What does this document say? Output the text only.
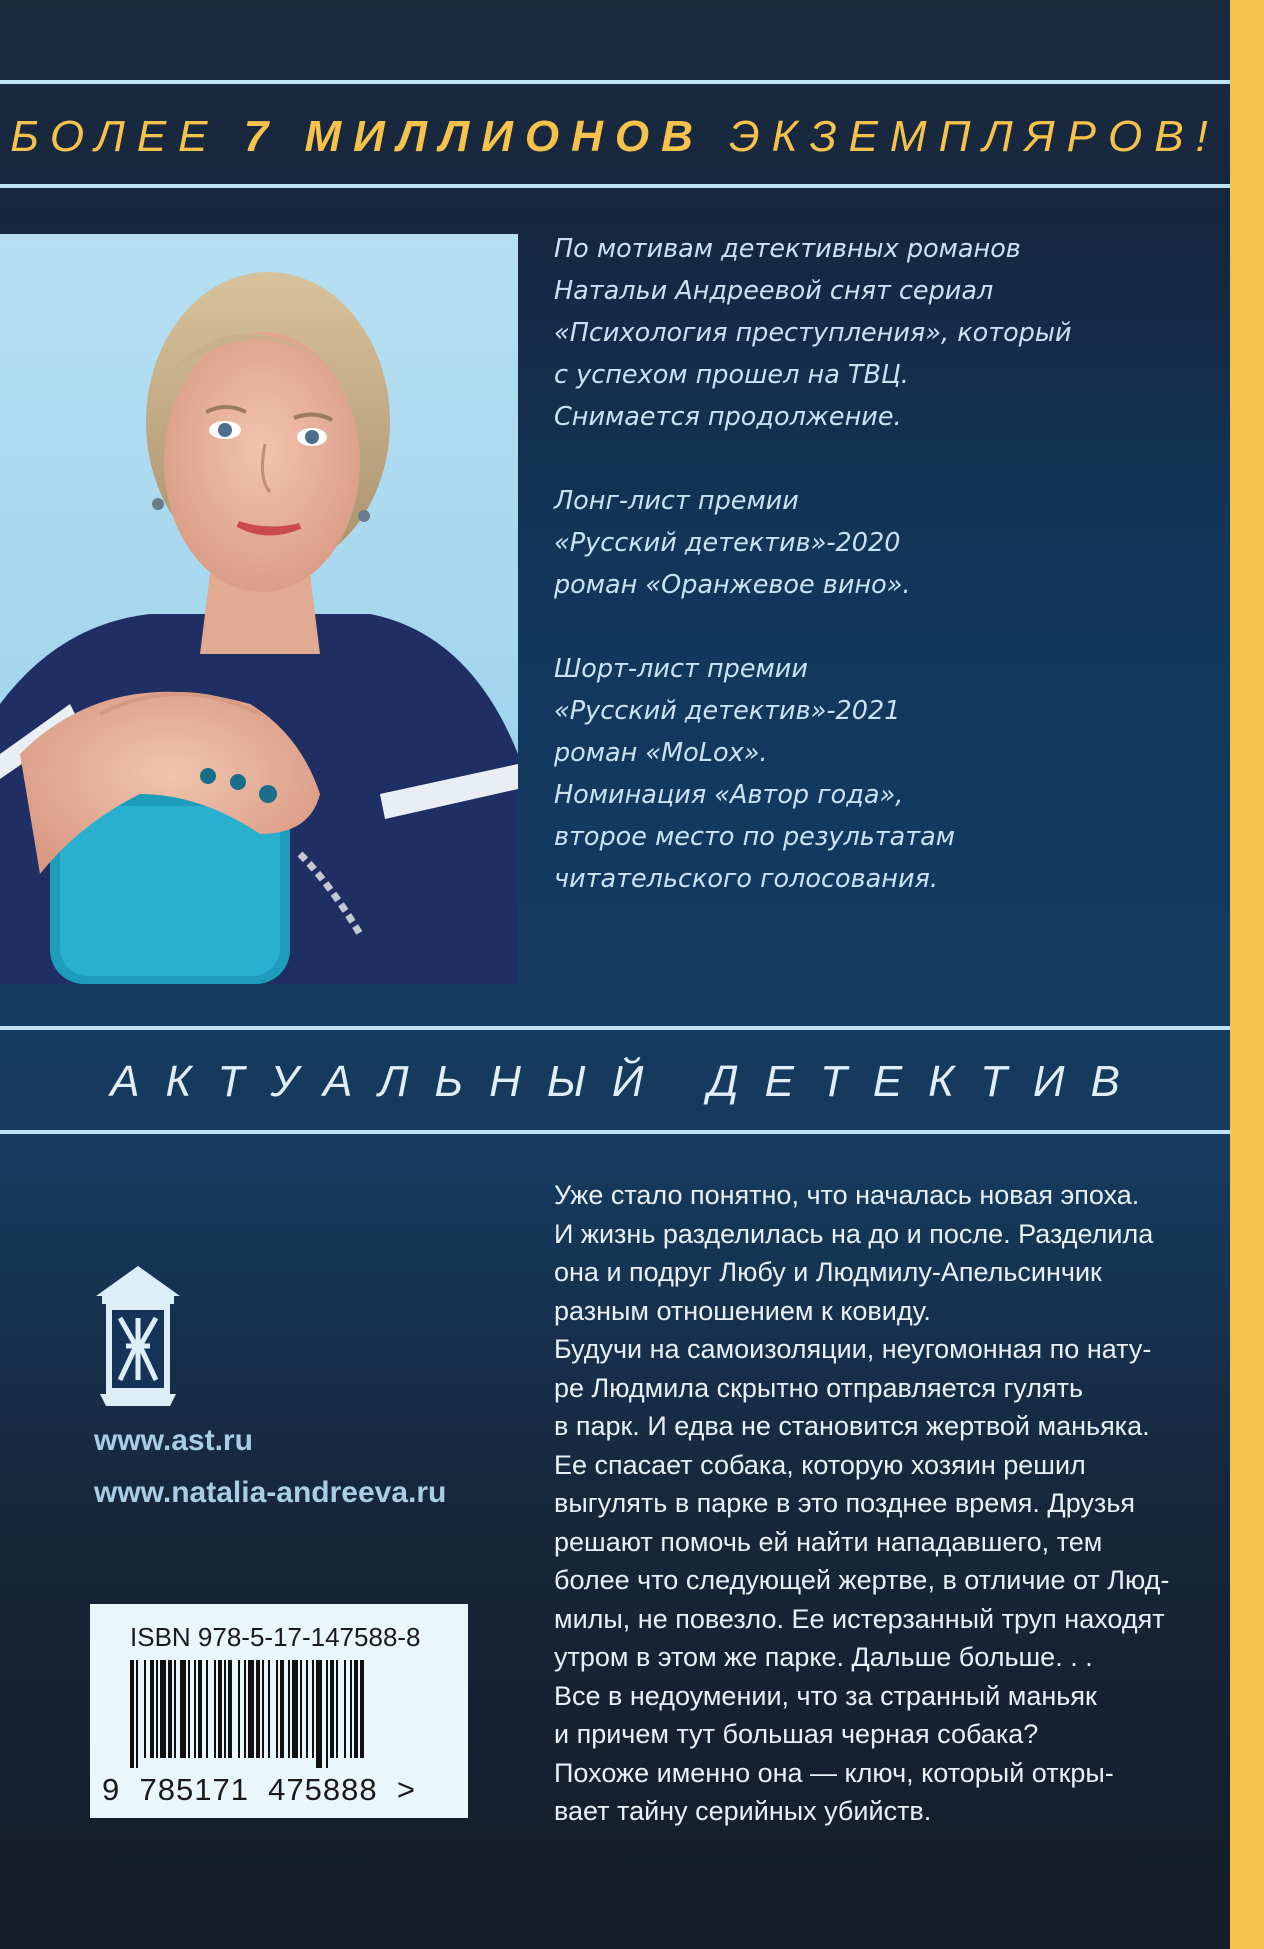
БОЛЕЕ 7 МИЛЛИОНОВ ЭКЗЕМПЛЯРОВ!
По мотивам детективных романов
Натальи Андреевой снят сериал
«Психология преступления», который
с успехом прошел на ТВЦ.
Снимается продолжение.
Лонг-лист премии
«Русский детектив»-2020
роман «Оранжевое вино».
Шорт-лист премии
«Русский детектив»-2021
роман «MoLox».
Номинация «Автор года»,
второе место по результатам
читательского голосования.
АКТУАЛЬНЫЙ ДЕТЕКТИВ
www.ast.ru
www.natalia-andreeva.ru
ISBN 978-5-17-147588-8
9 785171 475888 >
Уже стало понятно, что началась новая эпоха.
И жизнь разделилась на до и после. Разделила
она и подруг Любу и Людмилу-Апельсинчик
разным отношением к ковиду.
Будучи на самоизоляции, неугомонная по нату-
ре Людмила скрытно отправляется гулять
в парк. И едва не становится жертвой маньяка.
Ее спасает собака, которую хозяин решил
выгулять в парке в это позднее время. Друзья
решают помочь ей найти нападавшего, тем
более что следующей жертве, в отличие от Люд-
милы, не повезло. Ее истерзанный труп находят
утром в этом же парке. Дальше больше. . .
Все в недоумении, что за странный маньяк
и причем тут большая черная собака?
Похоже именно она — ключ, который откры-
вает тайну серийных убийств.
